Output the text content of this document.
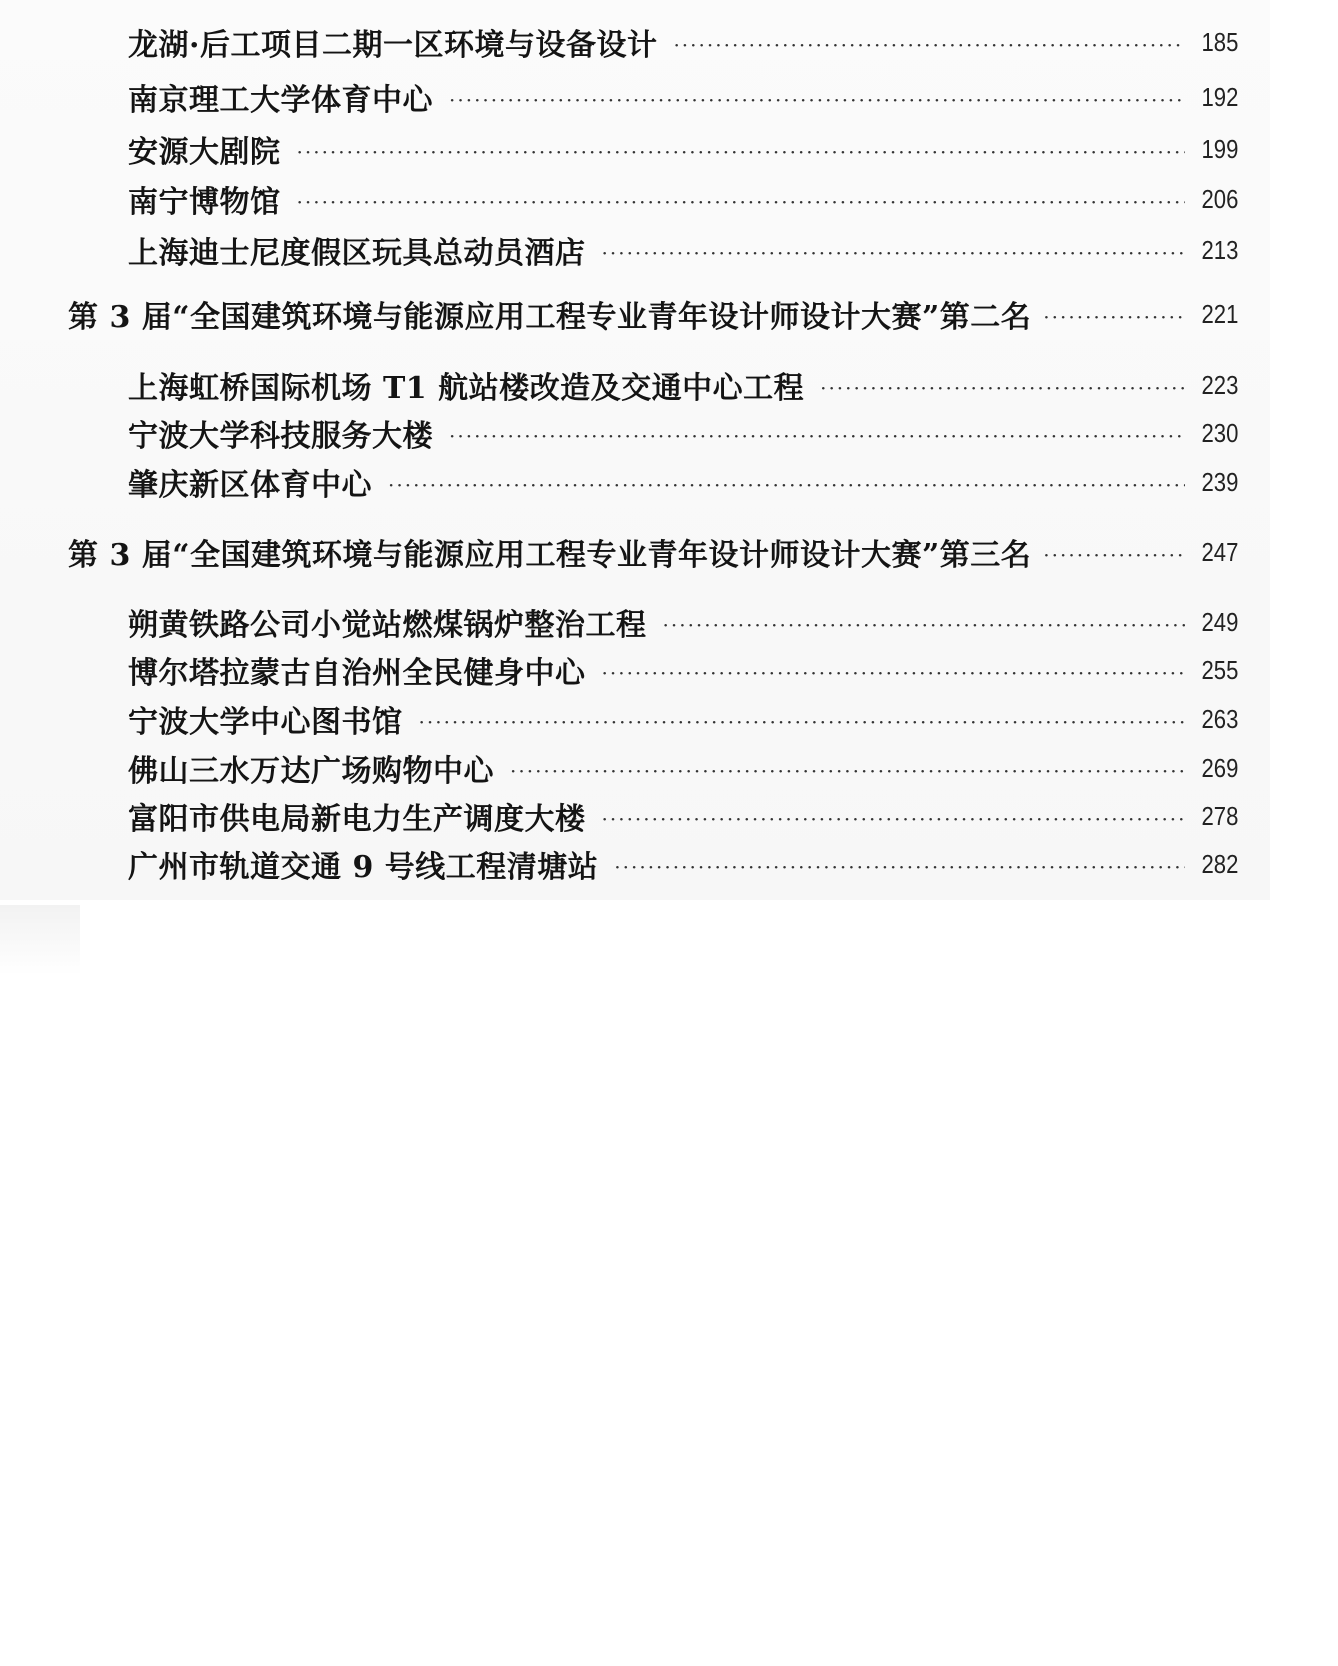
龙湖·后工项目二期一区环境与设备设计 ·····	185
南京理工大学体育中心 ·····	192
安源大剧院 ·····	199
南宁博物馆 ·····	206
上海迪士尼度假区玩具总动员酒店 ·····	213
第 3 届“全国建筑环境与能源应用工程专业青年设计师设计大赛”第二名 ·····	221
上海虹桥国际机场 T1 航站楼改造及交通中心工程 ·····	223
宁波大学科技服务大楼 ·····	230
肇庆新区体育中心 ·····	239
第 3 届“全国建筑环境与能源应用工程专业青年设计师设计大赛”第三名 ·····	247
朔黄铁路公司小觉站燃煤锅炉整治工程 ·····	249
博尔塔拉蒙古自治州全民健身中心 ·····	255
宁波大学中心图书馆 ·····	263
佛山三水万达广场购物中心 ·····	269
富阳市供电局新电力生产调度大楼 ·····	278
广州市轨道交通 9 号线工程清塘站 ·····	282
